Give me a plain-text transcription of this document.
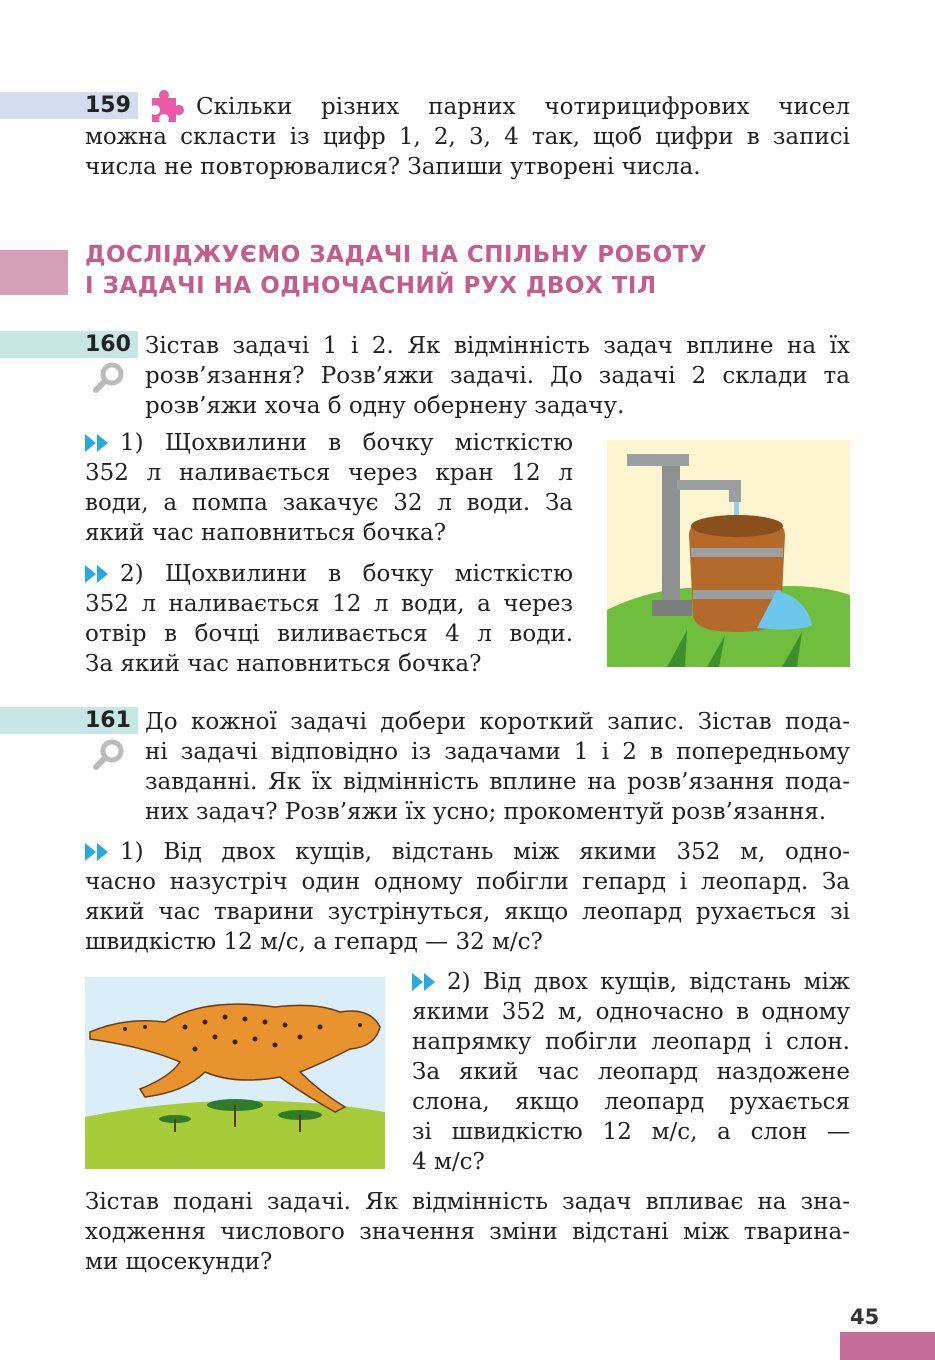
159	Скільки різних парних чотирицифрових чисел

можна скласти із цифр 1, 2, 3, 4 так, щоб цифри в записі

числа не повторювалися? Запиши утворені числа.

ДОСЛІДЖУЄМО ЗАДАЧІ НА СПІЛЬНУ РОБОТУ
І ЗАДАЧІ НА ОДНОЧАСНИЙ РУХ ДВОХ ТІЛ
160 Зістав задачі 1 і 2. Як відмінність задач вплине на їх

розв’язання? Розв’яжи задачі. До задачі 2 склади та

розв’яжи хоча б одну обернену задачу.

1) Щохвилини в бочку місткістю

352 л наливається через кран 12 л

води, а помпа закачує 32 л води. За

який час наповниться бочка?

2) Щохвилини в бочку місткістю

352 л наливається 12 л води, а через

отвір в бочці виливається 4 л води.

За який час наповниться бочка?

161 До кожної задачі добери короткий запис. Зістав пода-

ні задачі відповідно із задачами 1 і 2 в попередньому

завданні. Як їх відмінність вплине на розв’язання пода-

них задач? Розв’яжи їх усно; прокоментуй розв’язання.

1) Від двох кущів, відстань між якими 352 м, одно-

часно назустріч один одному побігли гепард і леопард. За

який час тварини зустрінуться, якщо леопард рухається зі

швидкістю 12 м/с, а гепард — 32 м/с?

2) Від двох кущів, відстань між

якими 352 м, одночасно в одному

напрямку побігли леопард і слон.

За який час леопард наздожене

слона, якщо леопард рухається

зі швидкістю 12 м/с, а слон —

4 м/с?

Зістав подані задачі. Як відмінність задач впливає на зна-

ходження числового значення зміни відстані між тварина-

ми щосекунди?

45
